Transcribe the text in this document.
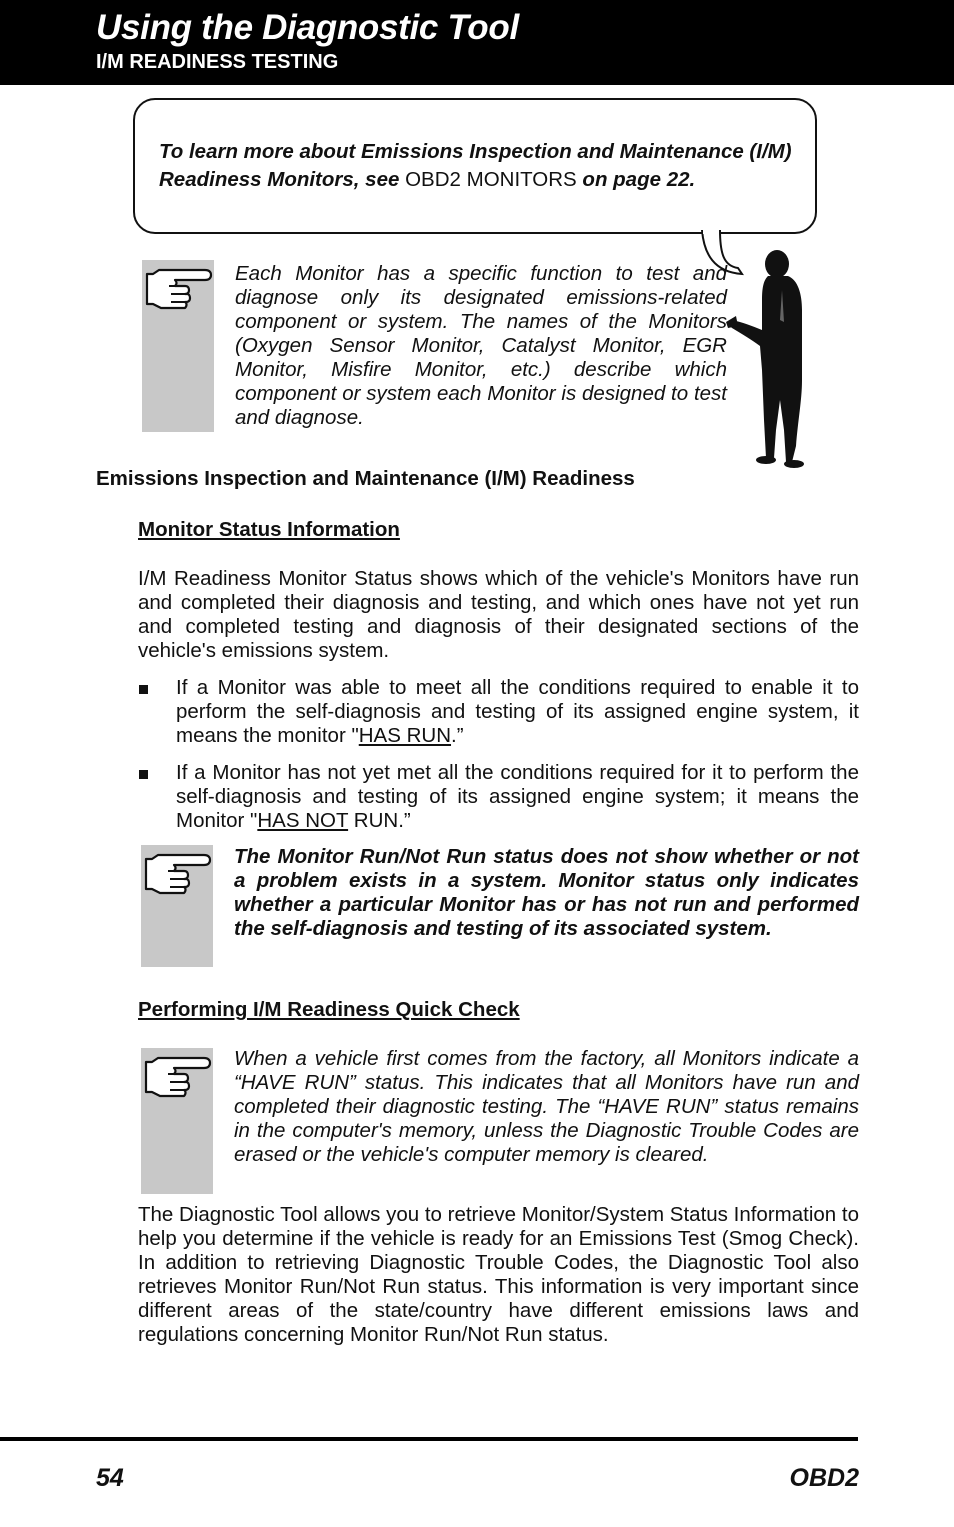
Using the Diagnostic Tool
I/M READINESS TESTING
To learn more about Emissions Inspection and Maintenance (I/M) Readiness Monitors, see OBD2 MONITORS on page 22.
Each Monitor has a specific function to test and diagnose only its designated emissions-related component or system. The names of the Monitors (Oxygen Sensor Monitor, Catalyst Monitor, EGR Monitor, Misfire Monitor, etc.) describe which component or system each Monitor is designed to test and diagnose.
Emissions Inspection and Maintenance (I/M) Readiness
Monitor Status Information
I/M Readiness Monitor Status shows which of the vehicle's Monitors have run and completed their diagnosis and testing, and which ones have not yet run and completed testing and diagnosis of their designated sections of the vehicle's emissions system.
If a Monitor was able to meet all the conditions required to enable it to perform the self-diagnosis and testing of its assigned engine system, it means the monitor "HAS RUN.”
If a Monitor has not yet met all the conditions required for it to perform the self-diagnosis and testing of its assigned engine system; it means the Monitor "HAS NOT RUN.”
The Monitor Run/Not Run status does not show whether or not a problem exists in a system. Monitor status only indicates whether a particular Monitor has or has not run and performed the self-diagnosis and testing of its associated system.
Performing I/M Readiness Quick Check
When a vehicle first comes from the factory, all Monitors indicate a “HAVE RUN” status. This indicates that all Monitors have run and completed their diagnostic testing. The “HAVE RUN” status remains in the computer's memory, unless the Diagnostic Trouble Codes are erased or the vehicle's computer memory is cleared.
The Diagnostic Tool allows you to retrieve Monitor/System Status Information to help you determine if the vehicle is ready for an Emissions Test (Smog Check). In addition to retrieving Diagnostic Trouble Codes, the Diagnostic Tool also retrieves Monitor Run/Not Run status. This information is very important since different areas of the state/country have different emissions laws and regulations concerning Monitor Run/Not Run status.
54	OBD2
